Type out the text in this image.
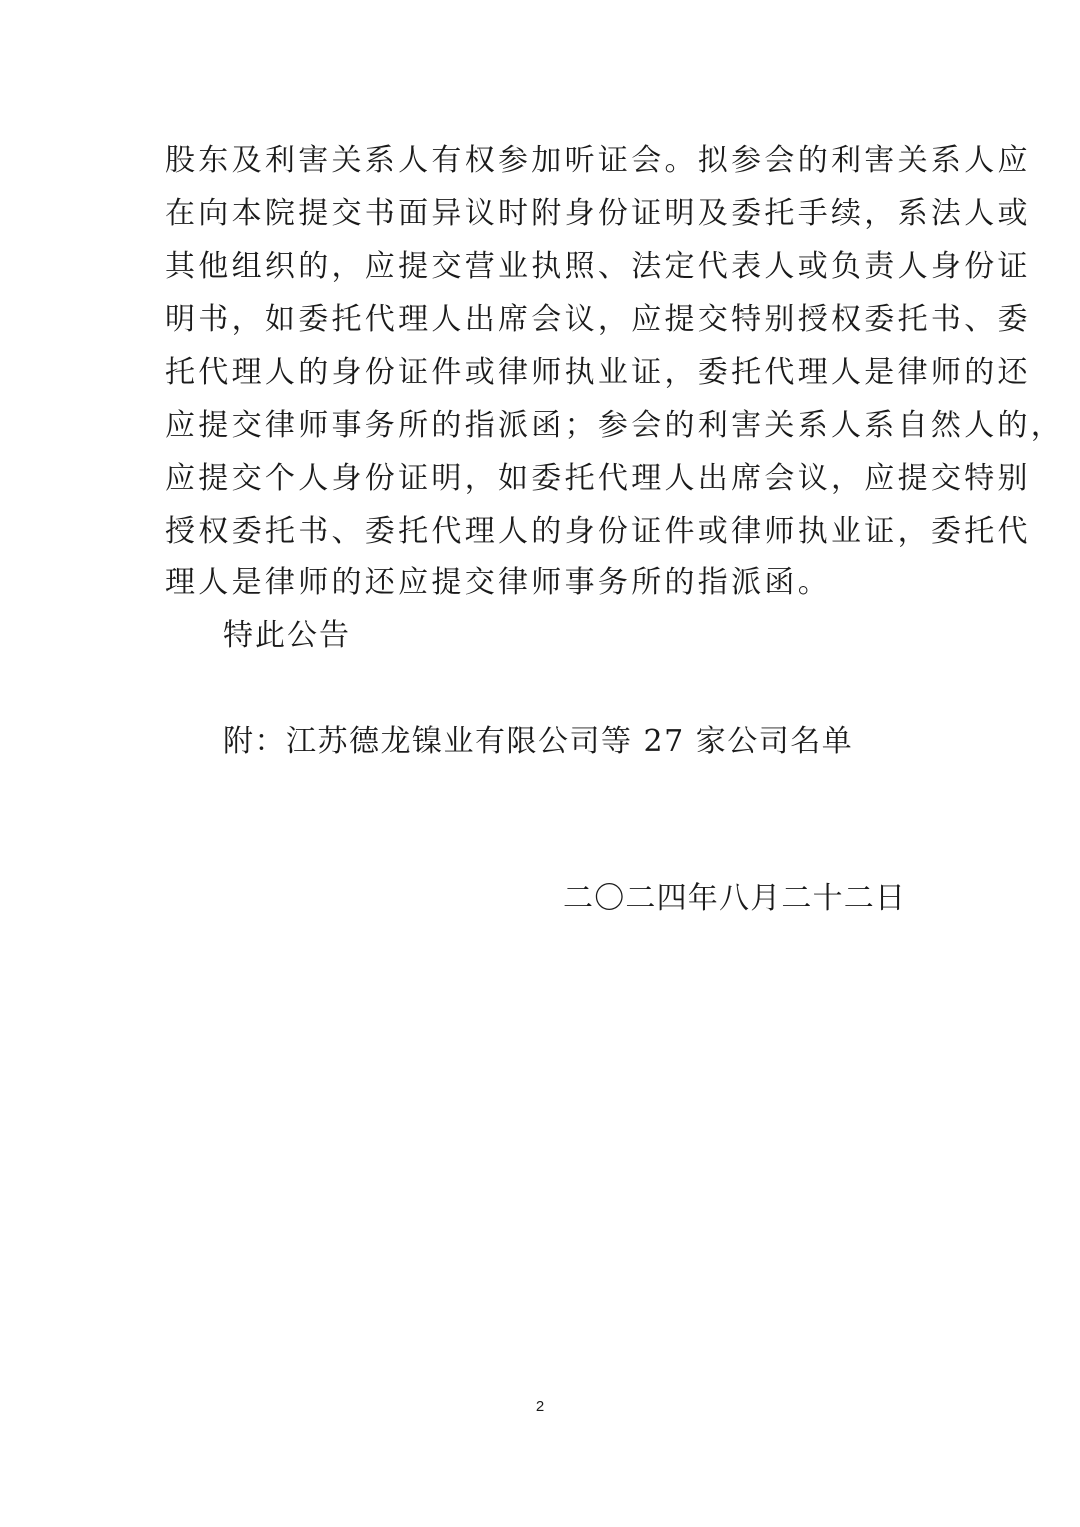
股东及利害关系人有权参加听证会。拟参会的利害关系人应
在向本院提交书面异议时附身份证明及委托手续，系法人或
其他组织的，应提交营业执照、法定代表人或负责人身份证
明书，如委托代理人出席会议，应提交特别授权委托书、委
托代理人的身份证件或律师执业证，委托代理人是律师的还
应提交律师事务所的指派函；参会的利害关系人系自然人的，
应提交个人身份证明，如委托代理人出席会议，应提交特别
授权委托书、委托代理人的身份证件或律师执业证，委托代
理人是律师的还应提交律师事务所的指派函。
特此公告
附：江苏德龙镍业有限公司等 27 家公司名单
二〇二四年八月二十二日
2
